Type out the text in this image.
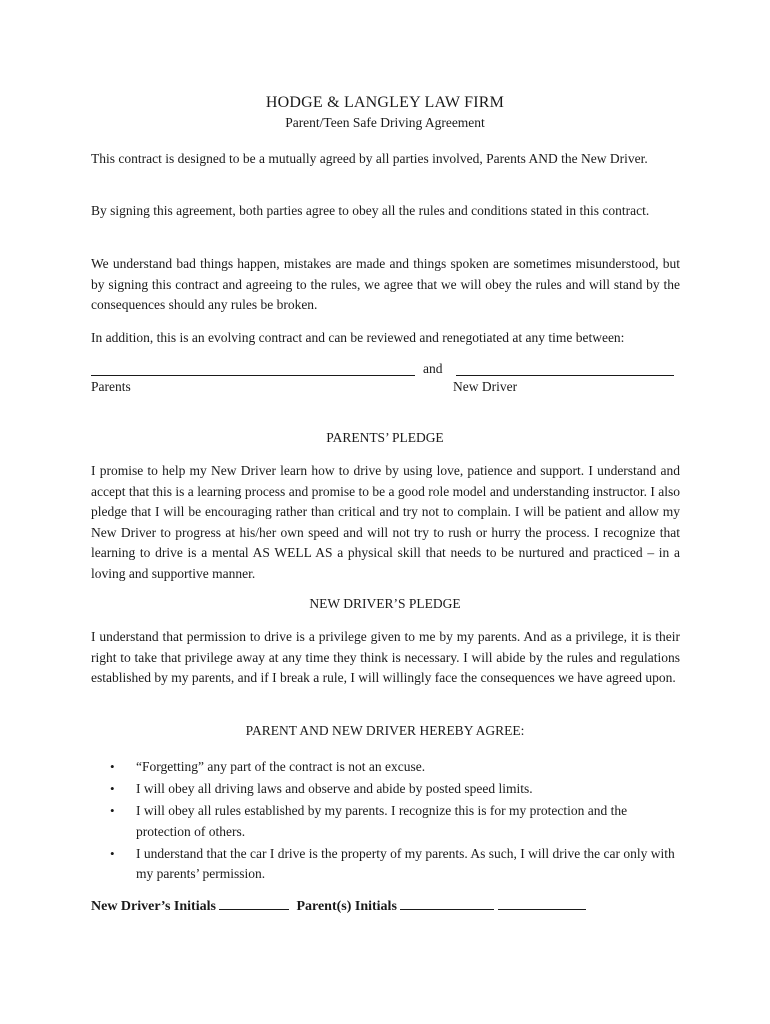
HODGE & LANGLEY LAW FIRM
Parent/Teen Safe Driving Agreement

This contract is designed to be a mutually agreed by all parties involved, Parents AND the New Driver.

By signing this agreement, both parties agree to obey all the rules and conditions stated in this contract.

We understand bad things happen, mistakes are made and things spoken are sometimes misunderstood, but by signing this contract and agreeing to the rules, we agree that we will obey the rules and will stand by the consequences should any rules be broken.

In addition, this is an evolving contract and can be reviewed and renegotiated at any time between:

and
Parents	New Driver
PARENTS’ PLEDGE

I promise to help my New Driver learn how to drive by using love, patience and support. I understand and accept that this is a learning process and promise to be a good role model and understanding instructor. I also pledge that I will be encouraging rather than critical and try not to complain. I will be patient and allow my New Driver to progress at his/her own speed and will not try to rush or hurry the process. I recognize that learning to drive is a mental AS WELL AS a physical skill that needs to be nurtured and practiced – in a loving and supportive manner.

NEW DRIVER’S PLEDGE

I understand that permission to drive is a privilege given to me by my parents. And as a privilege, it is their right to take that privilege away at any time they think is necessary. I will abide by the rules and regulations established by my parents, and if I break a rule, I will willingly face the consequences we have agreed upon.

PARENT AND NEW DRIVER HEREBY AGREE:
• “Forgetting” any part of the contract is not an excuse.
• I will obey all driving laws and observe and abide by posted speed limits.
• I will obey all rules established by my parents. I recognize this is for my protection and the protection of others.
• I understand that the car I drive is the property of my parents. As such, I will drive the car only with my parents’ permission.
New Driver’s Initials	Parent(s) Initials
